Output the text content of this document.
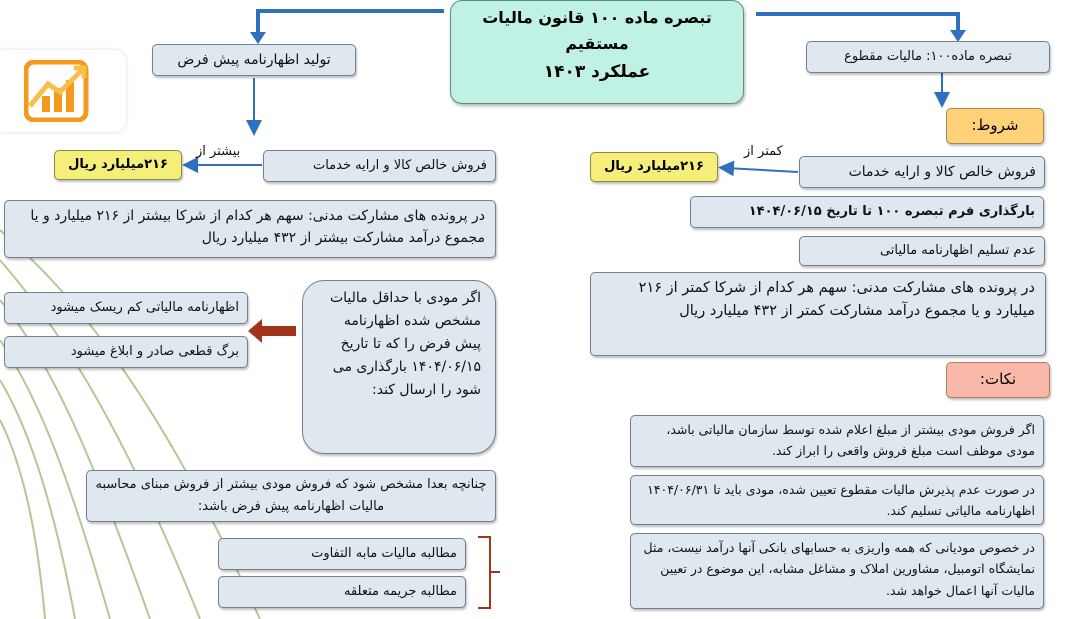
تبصره ماده ۱۰۰ قانون مالیات
مستقیم
عملکرد ۱۴۰۳
تبصره ماده۱۰۰: مالیات مقطوع
شروط:
کمتر از
۲۱۶میلیارد ریال	فروش خالص کالا و ارایه خدمات
بارگذاری فرم تبصره ۱۰۰ تا تاریخ ۱۴۰۴/۰۶/۱۵
عدم تسلیم اظهارنامه مالیاتی
در پرونده های مشارکت مدنی: سهم هر کدام از شرکا کمتر از ۲۱۶ میلیارد و یا مجموع درآمد مشارکت کمتر از ۴۳۲ میلیارد ریال
نکات:
اگر فروش مودی بیشتر از مبلغ اعلام شده توسط سازمان مالیاتی باشد، مودی موظف است مبلغ فروش واقعی را ابراز کند.
در صورت عدم پذیرش مالیات مقطوع تعیین شده، مودی باید تا ۱۴۰۴/۰۶/۳۱ اظهارنامه مالیاتی تسلیم کند.
در خصوص مودیانی که همه واریزی به حسابهای بانکی آنها درآمد نیست، مثل نمایشگاه اتومبیل، مشاورین املاک و مشاغل مشابه، این موضوع در تعیین مالیات آنها اعمال خواهد شد.
تولید اظهارنامه پیش فرض
بیشتر از
۲۱۶میلیارد ریال	فروش خالص کالا و ارایه خدمات
در پرونده های مشارکت مدنی: سهم هر کدام از شرکا بیشتر از ۲۱۶ میلیارد و یا مجموع درآمد مشارکت بیشتر از ۴۳۲ میلیارد ریال
اگر مودی با حداقل مالیات مشخص شده اظهارنامه پیش فرض را که تا تاریخ ۱۴۰۴/۰۶/۱۵ بارگذاری می شود را ارسال کند:
اظهارنامه مالیاتی کم ریسک میشود
برگ قطعی صادر و ابلاغ میشود
چنانچه بعدا مشخص شود که فروش مودی بیشتر از فروش مبنای محاسبه مالیات اظهارنامه پیش فرض باشد:
مطالبه مالیات مابه التفاوت
مطالبه جریمه متعلقه
